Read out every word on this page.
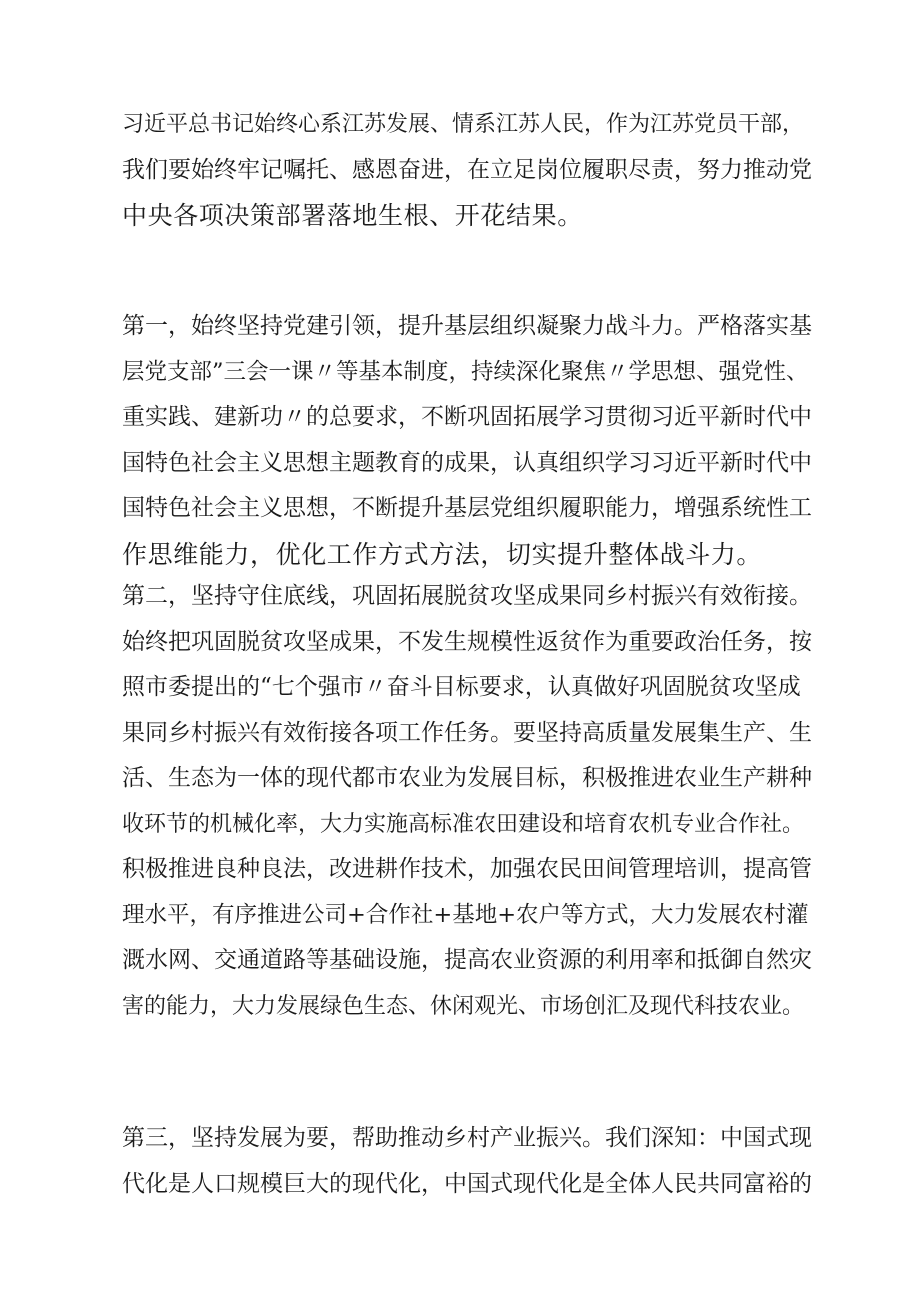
习近平总书记始终心系江苏发展、情系江苏人民，作为江苏党员干部，
我们要始终牢记嘱托、感恩奋进，在立足岗位履职尽责，努力推动党
中央各项决策部署落地生根、开花结果。

第一，始终坚持党建引领，提升基层组织凝聚力战斗力。严格落实基
层党支部”三会一课〃等基本制度，持续深化聚焦〃学思想、强党性、
重实践、建新功〃的总要求，不断巩固拓展学习贯彻习近平新时代中
国特色社会主义思想主题教育的成果，认真组织学习习近平新时代中
国特色社会主义思想，不断提升基层党组织履职能力，增强系统性工
作思维能力，优化工作方式方法，切实提升整体战斗力。

第二，坚持守住底线，巩固拓展脱贫攻坚成果同乡村振兴有效衔接。
始终把巩固脱贫攻坚成果，不发生规模性返贫作为重要政治任务，按
照市委提出的“七个强市〃奋斗目标要求，认真做好巩固脱贫攻坚成
果同乡村振兴有效衔接各项工作任务。要坚持高质量发展集生产、生
活、生态为一体的现代都市农业为发展目标，积极推进农业生产耕种
收环节的机械化率，大力实施高标准农田建设和培育农机专业合作社。
积极推进良种良法，改进耕作技术，加强农民田间管理培训，提高管
理水平，有序推进公司+合作社+基地+农户等方式，大力发展农村灌
溉水网、交通道路等基础设施，提高农业资源的利用率和抵御自然灾
害的能力，大力发展绿色生态、休闲观光、市场创汇及现代科技农业。

第三，坚持发展为要，帮助推动乡村产业振兴。我们深知：中国式现
代化是人口规模巨大的现代化，中国式现代化是全体人民共同富裕的
